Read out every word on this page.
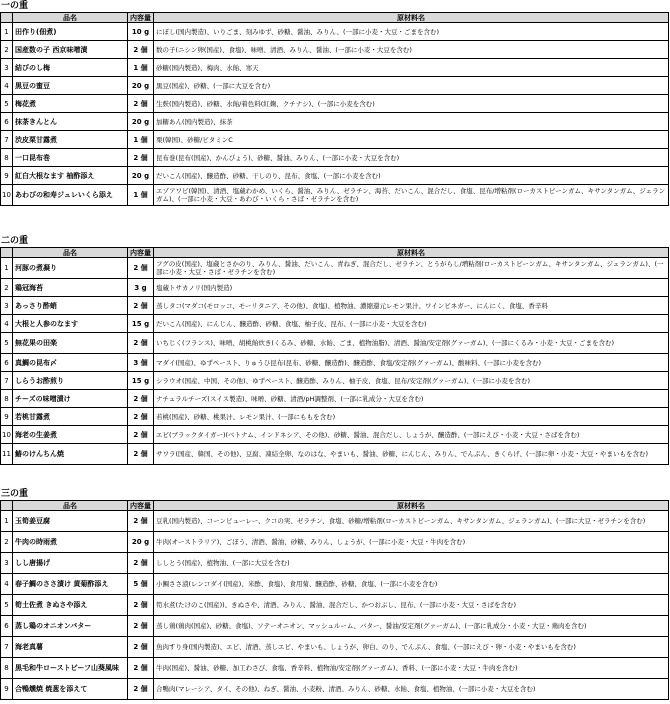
一の重
	品名	内容量	原材料名
1	田作り(佃煮)	10 g	にぼし(国内製造)、いりごま、刻みゆず、砂糖、醤油、みりん、(一部に小麦・大豆・ごまを含む)
2	国産数の子 西京味噌漬	2 個	数の子(ニシン卵(国産)、食塩)、味噌、清酒、みりん、醤油、(一部に小麦・大豆を含む)
3	結びのし梅	1 個	砂糖(国内製造)、梅肉、水飴、寒天
4	黒豆の蜜豆	20 g	黒豆(国産)、砂糖、(一部に大豆を含む)
5	梅花煮	2 個	生麩(国内製造)、砂糖、水飴/着色料(紅麹、クチナシ)、(一部に小麦を含む)
6	抹茶きんとん	20 g	加糖あん(国内製造)、抹茶
7	渋皮栗甘露煮	1 個	栗(韓国)、砂糖/ビタミンC
8	一口昆布巻	2 個	昆布巻(昆布(国産)、かんぴょう)、砂糖、醤油、みりん、(一部に小麦・大豆を含む)
9	紅白大根なます 柚酢添え	20 g	だいこん(国産)、醸造酢、砂糖、干しのり、昆布、食塩、(一部に小麦を含む)
10	あわびの和寿ジュレいくら添え	1 個	エゾアワビ(韓国)、清酒、塩蔵わかめ、いくら、醤油、みりん、ゼラチン、海苔、だいこん、混合だし、食塩、昆布/増粘剤(ローカストビーンガム、キサンタンガム、ジェランガム)、(一部に小麦・大豆・あわび・いくら・さば・ゼラチンを含む)
二の重
	品名	内容量	原材料名
1	河豚の煮凝り	2 個	フグの皮(国産)、塩蔵とさかのり、みりん、醤油、だいこん、青ねぎ、混合だし、ゼラチン、とうがらし/増粘剤(ローカストビーンガム、キサンタンガム、ジェランガム)、(一部に小麦・大豆・さば・ゼラチンを含む)
2	鶏冠海苔	3 g	塩蔵トサカノリ(国内製造)
3	あっさり酢蛸	2 個	蒸しタコ(マダコ(モロッコ、モーリタニア、その他)、食塩)、植物油、濃縮還元レモン果汁、ワインビネガー、にんにく、食塩、香辛料
4	大根と人参のなます	15 g	だいこん(国産)、にんじん、醸造酢、砂糖、食塩、柚子皮、昆布、(一部に小麦・大豆を含む)
5	無花果の田楽	2 個	いちじく(フランス)、味噌、胡桃飴炊き(くるみ、砂糖、水飴、ごま、植物油脂)、清酒、醤油/安定剤(グァーガム)、(一部にくるみ・小麦・大豆・ごまを含む)
6	真鯛の昆布〆	3 個	マダイ(国産)、ゆずペースト、りゅうひ昆布(昆布、砂糖、醸造酢)、醸造酢、食塩/安定剤(グァーガム)、酸味料、(一部に小麦を含む)
7	しらうお酢煎り	15 g	シラウオ(国産、中国、その他)、ゆずペースト、醸造酢、みりん、柚子皮、食塩、昆布/安定剤(グァーガム)、(一部に小麦を含む)
8	チーズの味噌漬け	2 個	ナチュラルチーズ(スイス製造)、味噌、砂糖、清酒/pH調整剤、(一部に乳成分・大豆を含む)
9	若桃甘露煮	2 個	若桃(国産)、砂糖、桃果汁、レモン果汁、(一部にももを含む)
10	海老の生姜煮	2 個	エビ(ブラックタイガー)(ベトナム、インドネシア、その他)、砂糖、醤油、混合だし、しょうが、醸造酢、(一部にえび・小麦・大豆・さばを含む)
11	鰆のけんちん焼	2 個	サワラ(国産、韓国、その他)、豆腐、凍結全卵、なのはな、やまいも、醤油、砂糖、にんじん、みりん、でんぷん、きくらげ、(一部に卵・小麦・大豆・やまいもを含む)
三の重
	品名	内容量	原材料名
1	玉筍姜豆腐	2 個	豆乳(国内製造)、コーンピューレー、クコの実、ゼラチン、食塩、砂糖/増粘剤(ローカストビーンガム、キサンタンガム、ジェランガム)、(一部に大豆・ゼラチンを含む)
2	牛肉の時雨煮	20 g	牛肉(オーストラリア)、ごぼう、清酒、醤油、砂糖、みりん、しょうが、(一部に小麦・大豆・牛肉を含む)
3	しし唐揚げ	2 個	ししとう(国産)、植物油、(一部に大豆を含む)
4	春子鯛のささ漬け 黄菊酢添え	5 個	小鯛ささ漬(レンコダイ(国産)、米酢、食塩)、食用菊、醸造酢、砂糖、食塩、(一部に小麦を含む)
5	筍土佐煮 きぬさや添え	2 個	筍水煮(たけのこ(国産))、きぬさや、清酒、みりん、醤油、混合だし、かつおぶし、昆布、(一部に小麦・大豆・さばを含む)
6	蒸し鶏のオニオンバター	2 個	蒸し鶏(鶏肉(国産)、砂糖、食塩)、ソテーオニオン、マッシュルーム、バター、醤油/安定剤(グァーガム)、(一部に乳成分・小麦・大豆・鶏肉を含む)
7	海老真薯	2 個	魚肉すり身(国内製造)、エビ、清酒、蒸しエビ、やまいも、しょうが、卵白、のり、でんぷん、食塩、(一部にえび・卵・小麦・やまいもを含む)
8	黒毛和牛ローストビーフ山葵風味	2 個	牛肉(国産)、醤油、砂糖、加工わさび、食塩、香辛料、植物油/安定剤(グァーガム)、香料、(一部に小麦・大豆・牛肉を含む)
9	合鴨燻焼 焼葱を添えて	2 個	合鴨肉(マレーシア、タイ、その他)、ねぎ、醤油、小麦粉、清酒、みりん、砂糖、水飴、食塩、植物油、(一部に小麦・大豆を含む)
